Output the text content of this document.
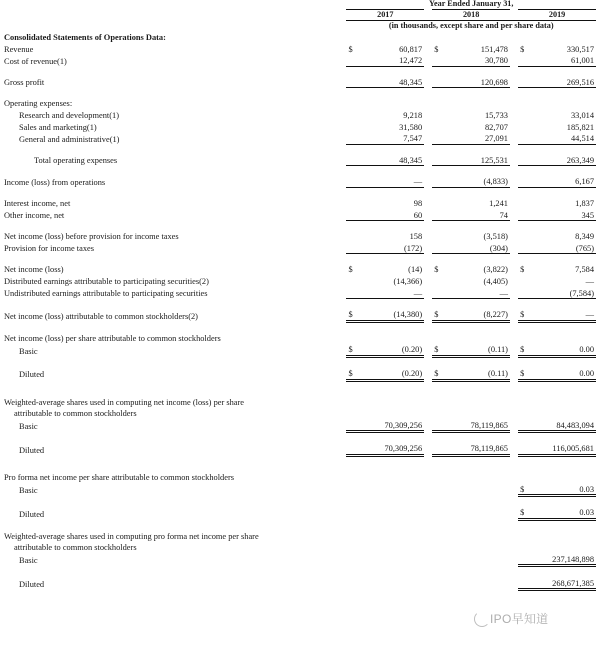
		Year Ended January 31,							
		2017			2018			2019	
		(in thousands, except share and per share data)							
Consolidated Statements of Operations Data:									
Revenue		$	60,817		$	151,478		$	330,517
Cost of revenue(1)			12,472			30,780			61,001

Gross profit			48,345			120,698			269,516

Operating expenses:									
Research and development(1)			9,218			15,733			33,014
Sales and marketing(1)			31,580			82,707			185,821
General and administrative(1)			7,547			27,091			44,514

Total operating expenses			48,345			125,531			263,349

Income (loss) from operations			—			(4,833)			6,167

Interest income, net			98			1,241			1,837
Other income, net			60			74			345

Net income (loss) before provision for income taxes			158			(3,518)			8,349
Provision for income taxes			(172)			(304)			(765)

Net income (loss)		$	(14)		$	(3,822)		$	7,584
Distributed earnings attributable to participating securities(2)			(14,366)			(4,405)			—
Undistributed earnings attributable to participating securities			—			—			(7,584)

Net income (loss) attributable to common stockholders(2)		$	(14,380)		$	(8,227)		$	—

Net income (loss) per share attributable to common stockholders									
Basic		$	(0.20)		$	(0.11)		$	0.00

Diluted		$	(0.20)		$	(0.11)		$	0.00

Weighted-average shares used in computing net income (loss) per share									
attributable to common stockholders									
Basic			70,309,256			78,119,865			84,483,094

Diluted			70,309,256			78,119,865			116,005,681

Pro forma net income per share attributable to common stockholders									
Basic								$	0.03

Diluted								$	0.03

Weighted-average shares used in computing pro forma net income per share									
attributable to common stockholders									
Basic									237,148,898

Diluted									268,671,385
IPO早知道
